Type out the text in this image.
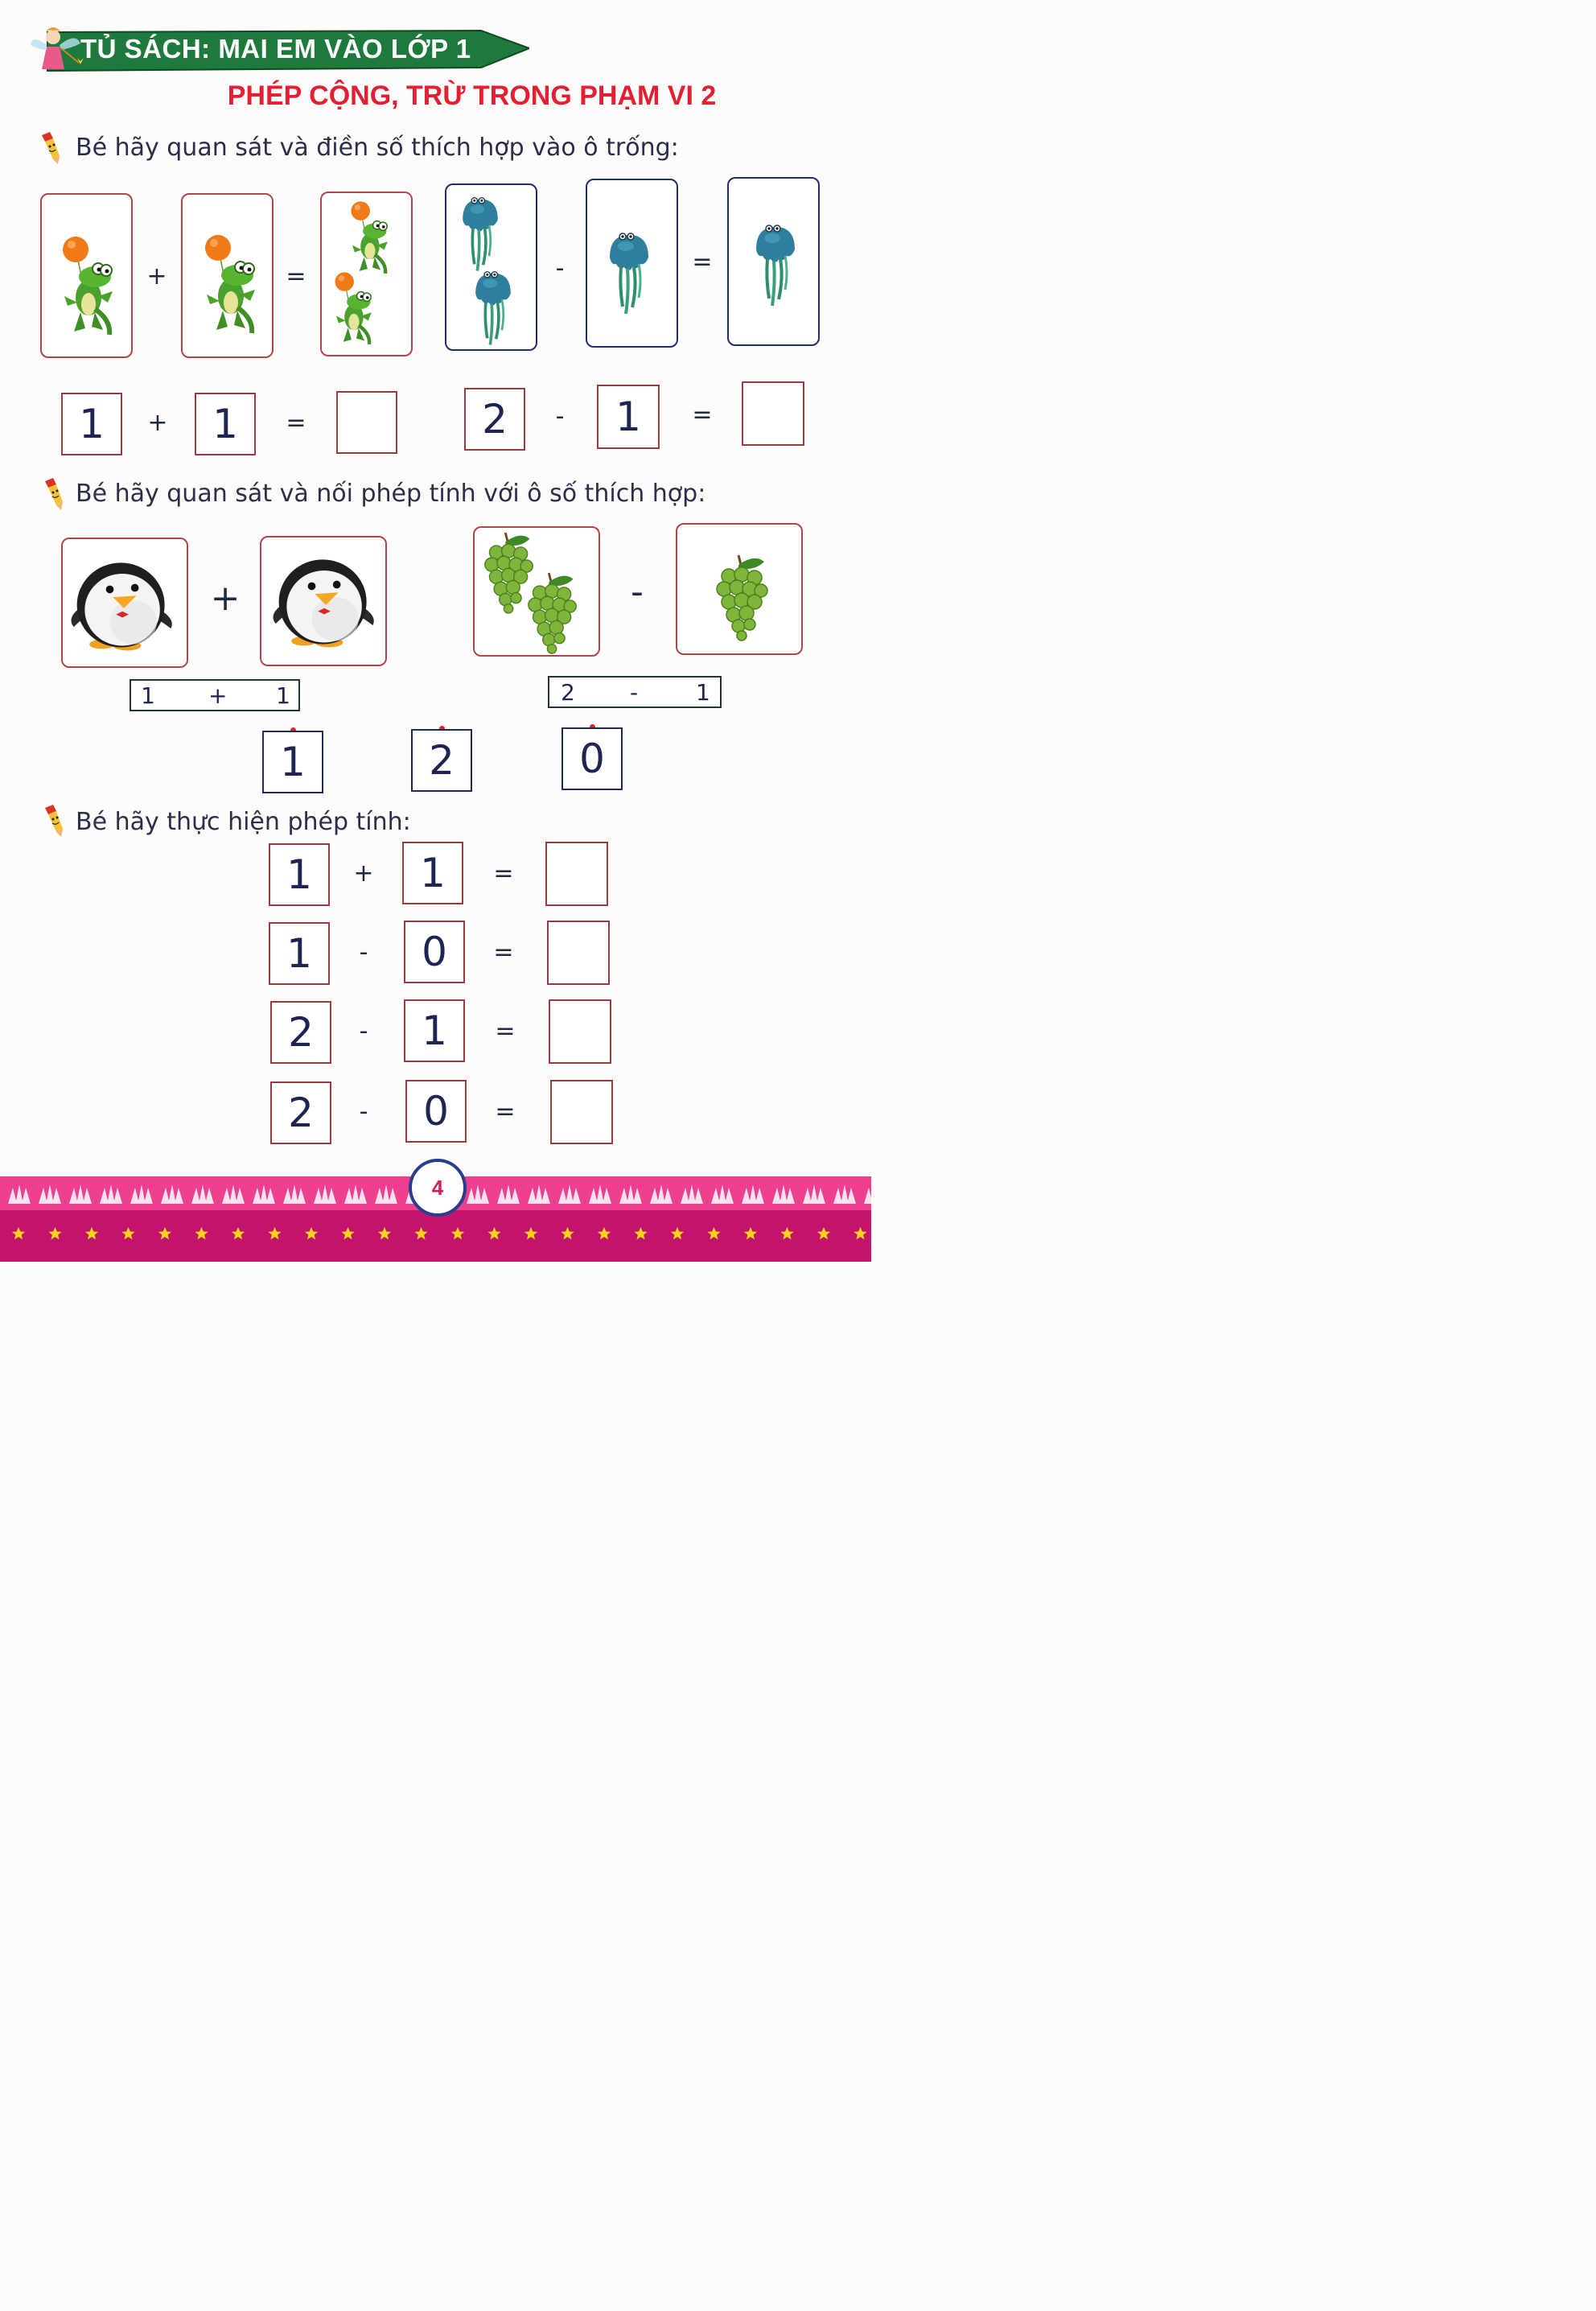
TỦ SÁCH: MAI EM VÀO LỚP 1
PHÉP CỘNG, TRỪ TRONG PHẠM VI 2
Bé hãy quan sát và điền số thích hợp vào ô trống:
+	=	-	=
1	+	1	=	2	-	1	=
Bé hãy quan sát và nối phép tính với ô số thích hợp:
+	-
1 + 1	2 -	1
1	2	0
Bé hãy thực hiện phép tính:
1	+	1	=
1	-	0	=
2	-	1	=
2	-	0	=
4
